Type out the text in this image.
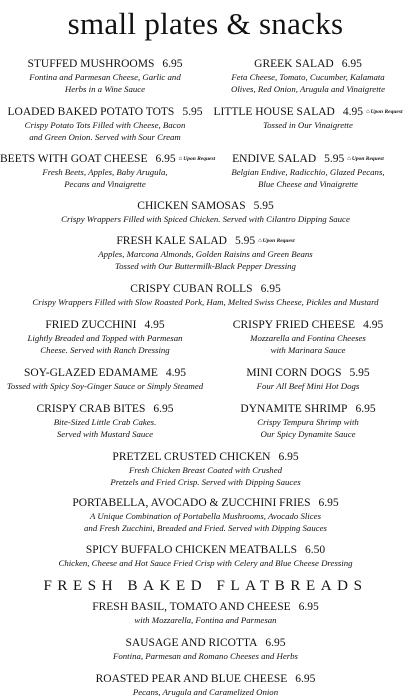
small plates & snacks
STUFFED MUSHROOMS 6.95
Fontina and Parmesan Cheese, Garlic and
Herbs in a Wine Sauce
GREEK SALAD 6.95
Feta Cheese, Tomato, Cucumber, Kalamata
Olives, Red Onion, Arugula and Vinaigrette
LOADED BAKED POTATO TOTS 5.95
Crispy Potato Tots Filled with Cheese, Bacon
and Green Onion. Served with Sour Cream
LITTLE HOUSE SALAD 4.95 ⌂Upon Request
Tossed in Our Vinaigrette
BEETS WITH GOAT CHEESE 6.95 ⌂Upon Request
Fresh Beets, Apples, Baby Arugula,
Pecans and Vinaigrette
ENDIVE SALAD 5.95 ⌂Upon Request
Belgian Endive, Radicchio, Glazed Pecans,
Blue Cheese and Vinaigrette
CHICKEN SAMOSAS 5.95
Crispy Wrappers Filled with Spiced Chicken. Served with Cilantro Dipping Sauce
FRESH KALE SALAD 5.95 ⌂Upon Request
Apples, Marcona Almonds, Golden Raisins and Green Beans
Tossed with Our Buttermilk-Black Pepper Dressing
CRISPY CUBAN ROLLS 6.95
Crispy Wrappers Filled with Slow Roasted Pork, Ham, Melted Swiss Cheese, Pickles and Mustard
FRIED ZUCCHINI 4.95
Lightly Breaded and Topped with Parmesan
Cheese. Served with Ranch Dressing
CRISPY FRIED CHEESE 4.95
Mozzarella and Fontina Cheeses
with Marinara Sauce
SOY-GLAZED EDAMAME 4.95
Tossed with Spicy Soy-Ginger Sauce or Simply Steamed
MINI CORN DOGS 5.95
Four All Beef Mini Hot Dogs
CRISPY CRAB BITES 6.95
Bite-Sized Little Crab Cakes.
Served with Mustard Sauce
DYNAMITE SHRIMP 6.95
Crispy Tempura Shrimp with
Our Spicy Dynamite Sauce
PRETZEL CRUSTED CHICKEN 6.95
Fresh Chicken Breast Coated with Crushed
Pretzels and Fried Crisp. Served with Dipping Sauces
PORTABELLA, AVOCADO & ZUCCHINI FRIES 6.95
A Unique Combination of Portabella Mushrooms, Avocado Slices
and Fresh Zucchini, Breaded and Fried. Served with Dipping Sauces
SPICY BUFFALO CHICKEN MEATBALLS 6.50
Chicken, Cheese and Hot Sauce Fried Crisp with Celery and Blue Cheese Dressing
FRESH BAKED FLATBREADS
FRESH BASIL, TOMATO AND CHEESE 6.95
with Mozzarella, Fontina and Parmesan
SAUSAGE AND RICOTTA 6.95
Fontina, Parmesan and Romano Cheeses and Herbs
ROASTED PEAR AND BLUE CHEESE 6.95
Pecans, Arugula and Caramelized Onion
